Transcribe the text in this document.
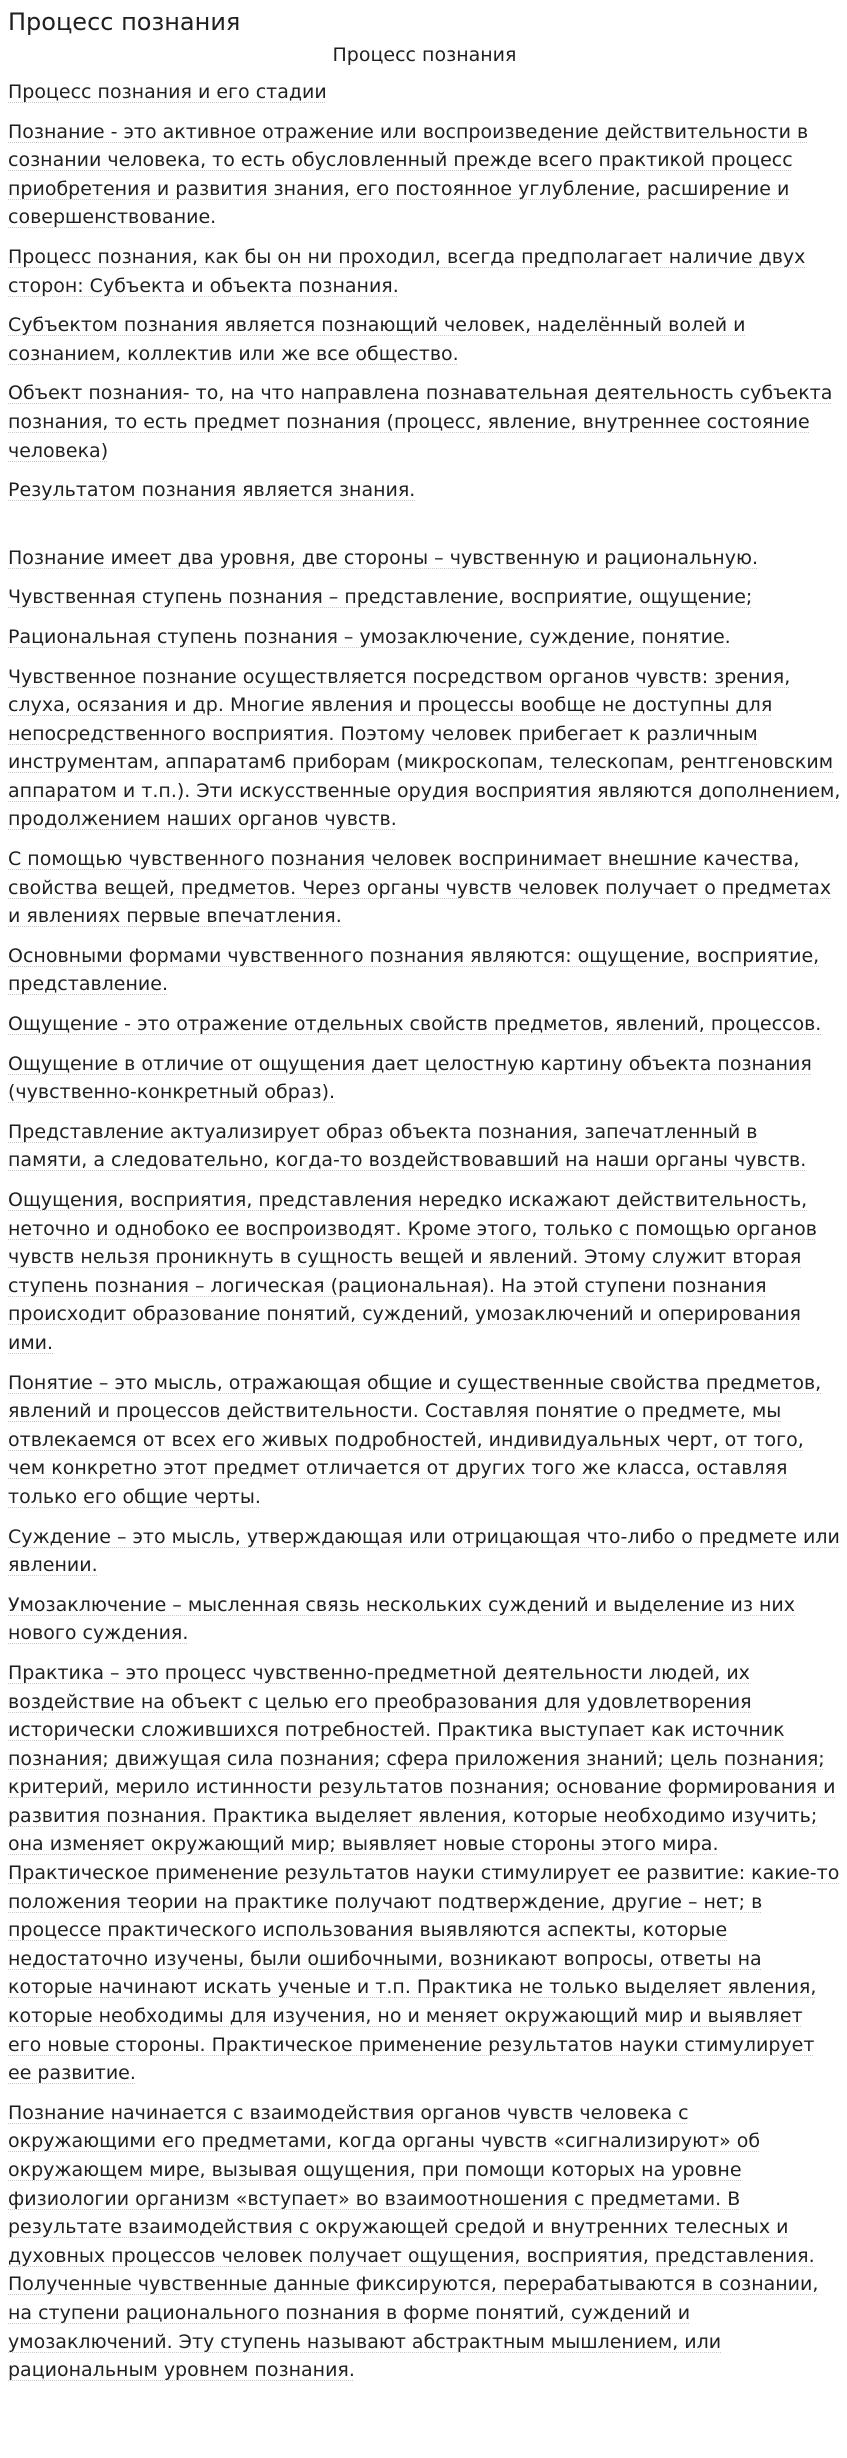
Процесс познания
Процесс познания

Процесс познания и его стадии

Познание - это активное отражение или воспроизведение действительности в сознании человека, то есть обусловленный прежде всего практикой процесс приобретения и развития знания, его постоянное углубление, расширение и совершенствование.

Процесс познания, как бы он ни проходил, всегда предполагает наличие двух сторон: Субъекта и объекта познания.

Субъектом познания является познающий человек, наделённый волей и сознанием, коллектив или же все общество.

Объект познания- то, на что направлена познавательная деятельность субъекта познания, то есть предмет познания (процесс, явление, внутреннее состояние человека)

Результатом познания является знания.

Познание имеет два уровня, две стороны – чувственную и рациональную.

Чувственная ступень познания – представление, восприятие, ощущение;

Рациональная ступень познания – умозаключение, суждение, понятие.

Чувственное познание осуществляется посредством органов чувств: зрения, слуха, осязания и др. Многие явления и процессы вообще не доступны для непосредственного восприятия. Поэтому человек прибегает к различным инструментам, аппаратам6 приборам (микроскопам, телескопам, рентгеновским аппаратом и т.п.). Эти искусственные орудия восприятия являются дополнением, продолжением наших органов чувств.

С помощью чувственного познания человек воспринимает внешние качества, свойства вещей, предметов. Через органы чувств человек получает о предметах и явлениях первые впечатления.

Основными формами чувственного познания являются: ощущение, восприятие, представление.

Ощущение - это отражение отдельных свойств предметов, явлений, процессов.

Ощущение в отличие от ощущения дает целостную картину объекта познания (чувственно-конкретный образ).

Представление актуализирует образ объекта познания, запечатленный в памяти, а следовательно, когда-то воздействовавший на наши органы чувств.

Ощущения, восприятия, представления нередко искажают действительность, неточно и однобоко ее воспроизводят. Кроме этого, только с помощью органов чувств нельзя проникнуть в сущность вещей и явлений. Этому служит вторая ступень познания – логическая (рациональная). На этой ступени познания происходит образование понятий, суждений, умозаключений и оперирования ими.

Понятие – это мысль, отражающая общие и существенные свойства предметов, явлений и процессов действительности. Составляя понятие о предмете, мы отвлекаемся от всех его живых подробностей, индивидуальных черт, от того, чем конкретно этот предмет отличается от других того же класса, оставляя только его общие черты.

Суждение – это мысль, утверждающая или отрицающая что-либо о предмете или явлении.

Умозаключение – мысленная связь нескольких суждений и выделение из них нового суждения.

Практика – это процесс чувственно-предметной деятельности людей, их воздействие на объект с целью его преобразования для удовлетворения исторически сложившихся потребностей. Практика выступает как источник познания; движущая сила познания; сфера приложения знаний; цель познания; критерий, мерило истинности результатов познания; основание формирования и развития познания. Практика выделяет явления, которые необходимо изучить; она изменяет окружающий мир; выявляет новые стороны этого мира. Практическое применение результатов науки стимулирует ее развитие: какие-то положения теории на практике получают подтверждение, другие – нет; в процессе практического использования выявляются аспекты, которые недостаточно изучены, были ошибочными, возникают вопросы, ответы на которые начинают искать ученые и т.п. Практика не только выделяет явления, которые необходимы для изучения, но и меняет окружающий мир и выявляет его новые стороны. Практическое применение результатов науки стимулирует ее развитие.

Познание начинается с взаимодействия органов чувств человека с окружающими его предметами, когда органы чувств «сигнализируют» об окружающем мире, вызывая ощущения, при помощи которых на уровне физиологии организм «вступает» во взаимоотношения с предметами. В результате взаимодействия с окружающей средой и внутренних телесных и духовных процессов человек получает ощущения, восприятия, представления. Полученные чувственные данные фиксируются, перерабатываются в сознании, на ступени рационального познания в форме понятий, суждений и умозаключений. Эту ступень называют абстрактным мышлением, или рациональным уровнем познания.
